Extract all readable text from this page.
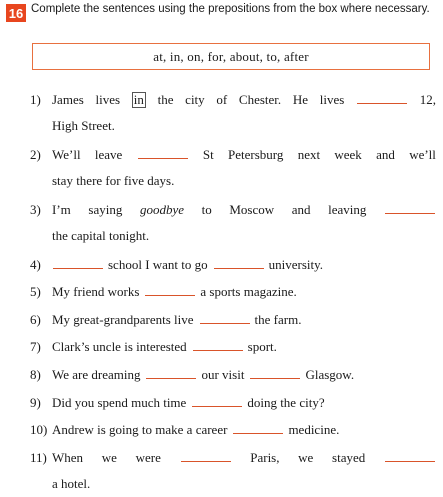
16 Complete the sentences using the prepositions from the box where necessary.
at, in, on, for, about, to, after
1) James lives in the city of Chester. He lives	12,
High Street.
2) We’ll leave	St Petersburg next week and we’ll
stay there for five days.
3) I’m saying goodbye to Moscow and leaving
the capital tonight.
4)	school I want to go	university.
5) My friend works	a sports magazine.
6) My great-grandparents live	the farm.
7) Clark’s uncle is interested	sport.
8) We are dreaming	our visit	Glasgow.
9) Did you spend much time	doing the city?
10) Andrew is going to make a career	medicine.
11) When we were	Paris, we stayed
a hotel.
